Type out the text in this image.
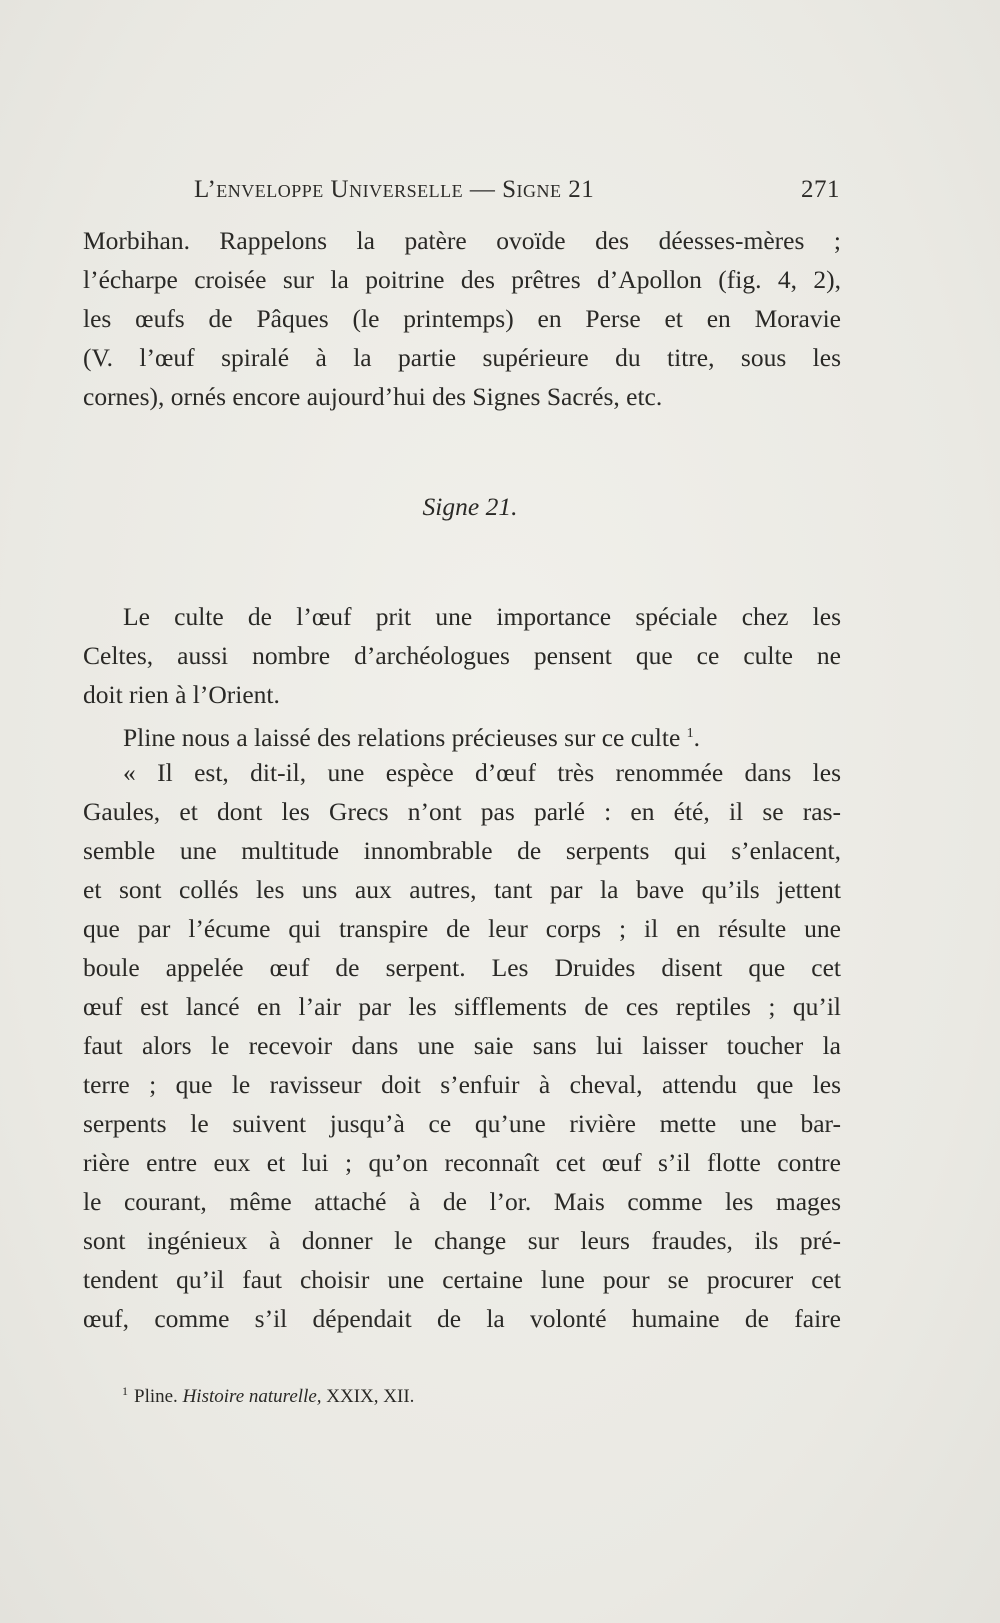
L’enveloppe Universelle — Signe 21	271
Morbihan. Rappelons la patère ovoïde des déesses-mères ;
l’écharpe croisée sur la poitrine des prêtres d’Apollon (fig. 4, 2),
les œufs de Pâques (le printemps) en Perse et en Moravie
(V. l’œuf spiralé à la partie supérieure du titre, sous les
cornes), ornés encore aujourd’hui des Signes Sacrés, etc.
Signe 21.
Le culte de l’œuf prit une importance spéciale chez les
Celtes, aussi nombre d’archéologues pensent que ce culte ne
doit rien à l’Orient.
Pline nous a laissé des relations précieuses sur ce culte $^1$.
« Il est, dit-il, une espèce d’œuf très renommée dans les
Gaules, et dont les Grecs n’ont pas parlé : en été, il se ras-
semble une multitude innombrable de serpents qui s’enlacent,
et sont collés les uns aux autres, tant par la bave qu’ils jettent
que par l’écume qui transpire de leur corps ; il en résulte une
boule appelée œuf de serpent. Les Druides disent que cet
œuf est lancé en l’air par les sifflements de ces reptiles ; qu’il
faut alors le recevoir dans une saie sans lui laisser toucher la
terre ; que le ravisseur doit s’enfuir à cheval, attendu que les
serpents le suivent jusqu’à ce qu’une rivière mette une bar-
rière entre eux et lui ; qu’on reconnaît cet œuf s’il flotte contre
le courant, même attaché à de l’or. Mais comme les mages
sont ingénieux à donner le change sur leurs fraudes, ils pré-
tendent qu’il faut choisir une certaine lune pour se procurer cet
œuf, comme s’il dépendait de la volonté humaine de faire
$^1$ Pline. Histoire naturelle, XXIX, XII.
